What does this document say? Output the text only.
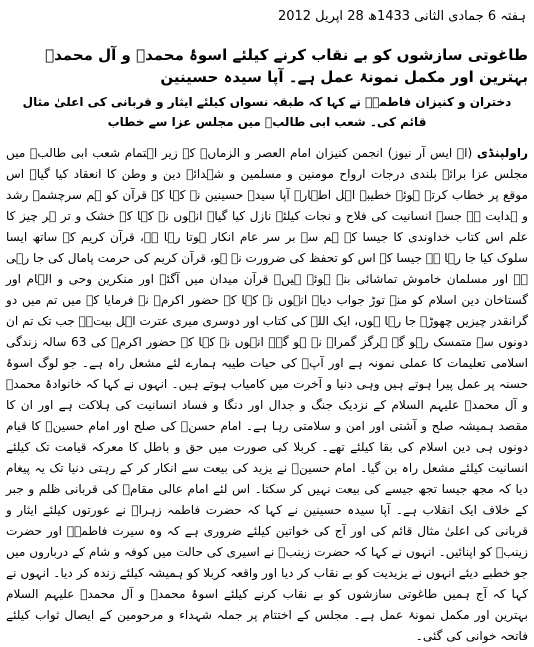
ہفتہ 6 جمادی الثانی 1433ھ 28 اپریل 2012
طاغوتی سازشوں کو بے نقاب کرنے کیلئے اسوۂ محمدؐ و آل محمدؐ بہترین اور مکمل نمونۂ عمل ہے۔ آپا سیدہ حسینین
دختران و کنیزان فاطمہؑ نے کہا کہ طبقہ نسواں کیلئے ایثار و قربانی کی اعلیٰ مثال قائم کی۔ شعب ابی طالبؑ میں مجلس عزا سے خطاب
راولپنڈی (اے ایس آر نیوز) انجمن کنیزان امام العصر و الزماںؑ کے زیر اہتمام شعب ابی طالبؑ میں مجلس عزا برائے بلندی درجات ارواح مومنین و مسلمین و شہدائے دین و وطن کا انعقاد کیا گیا۔ اس موقع پر خطاب کرتے ہوئے خطیبہ اہل اطہارؑ آپا سیدہ حسینین نے کہا کہ قرآن کو ہم سرچشمہ رشد و ہدایت ہے جسے انسانیت کی فلاح و نجات کیلئے نازل کیا گیا۔ انہوں نے کہا کہ خشک و تر ہر چیز کا علم اس کتاب خداوندی کا جیسا کہ ہم سے بر سر عام انکار ہوتا رہا ہے، قرآن کریم کے ساتھ ایسا سلوک کیا جا رہا ہے جیسا کہ اس کو تحفظ کی ضرورت نہ ہو، قرآن کریم کی حرمت پامال کی جا رہی ہے اور مسلمان خاموش تماشائی بنے ہوئے ہیں۔ قرآن میدان میں آگئے اور منکرین وحی و الہام اور گستاخان دین اسلام کو منہ توڑ جواب دیا۔ انہوں نے کہا کہ حضور اکرمؐ نے فرمایا کہ میں تم میں دو گرانقدر چیزیں چھوڑے جا رہا ہوں، ایک اللہ کی کتاب اور دوسری میری عترت اہل بیتؑ۔ جب تک تم ان دونوں سے متمسک رہو گے ہرگز گمراہ نہ ہو گے۔ انہوں نے کہا کہ حضور اکرمؐ کی 63 سالہ زندگی اسلامی تعلیمات کا عملی نمونہ ہے اور آپؐ کی حیات طیبہ ہمارے لئے مشعل راہ ہے۔ جو لوگ اسوۂ حسنہ پر عمل پیرا ہوتے ہیں وہی دنیا و آخرت میں کامیاب ہوتے ہیں۔ انہوں نے کہا کہ خانوادۂ محمدؐ و آل محمدؐ علیہم السلام کے نزدیک جنگ و جدال اور دنگا و فساد انسانیت کی ہلاکت ہے اور ان کا مقصد ہمیشہ صلح و آشتی اور امن و سلامتی رہا ہے۔ امام حسنؑ کی صلح اور امام حسینؑ کا قیام دونوں ہی دین اسلام کی بقا کیلئے تھے۔ کربلا کی صورت میں حق و باطل کا معرکہ قیامت تک کیلئے انسانیت کیلئے مشعل راہ بن گیا۔ امام حسینؑ نے یزید کی بیعت سے انکار کر کے رہتی دنیا تک یہ پیغام دیا کہ مجھ جیسا تجھ جیسے کی بیعت نہیں کر سکتا۔ اس لئے امام عالی مقامؑ کی قربانی ظلم و جبر کے خلاف ایک انقلاب ہے۔ آپا سیدہ حسینین نے کہا کہ حضرت فاطمہ زہراؑ نے عورتوں کیلئے ایثار و قربانی کی اعلیٰ مثال قائم کی اور آج کی خواتین کیلئے ضروری ہے کہ وہ سیرت فاطمہؑ اور حضرت زینبؑ کو اپنائیں۔ انہوں نے کہا کہ حضرت زینبؑ نے اسیری کی حالت میں کوفہ و شام کے درباروں میں جو خطبے دیئے انہوں نے یزیدیت کو بے نقاب کر دیا اور واقعہ کربلا کو ہمیشہ کیلئے زندہ کر دیا۔ انہوں نے کہا کہ آج ہمیں طاغوتی سازشوں کو بے نقاب کرنے کیلئے اسوۂ محمدؐ و آل محمدؐ علیہم السلام بہترین اور مکمل نمونۂ عمل ہے۔ مجلس کے اختتام پر جملہ شہداء و مرحومین کے ایصال ثواب کیلئے فاتحہ خوانی کی گئی۔
